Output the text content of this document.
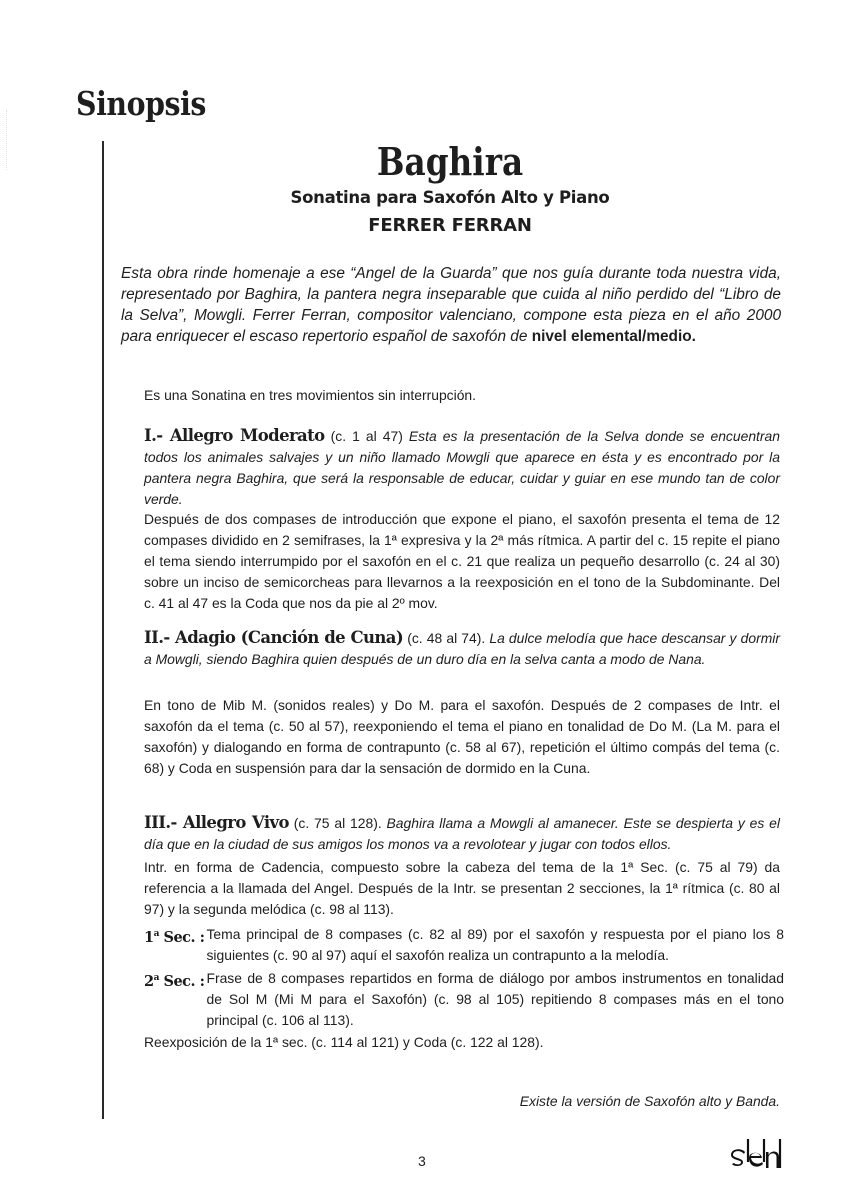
Sinopsis
Baghira
Sonatina para Saxofón Alto y Piano
FERRER FERRAN

Esta obra rinde homenaje a ese “Angel de la Guarda” que nos guía durante toda nuestra vida, representado por Baghira, la pantera negra inseparable que cuida al niño perdido del “Libro de la Selva”, Mowgli. Ferrer Ferran, compositor valenciano, compone esta pieza en el año 2000 para enriquecer el escaso repertorio español de saxofón de nivel elemental/medio.

Es una Sonatina en tres movimientos sin interrupción.

I.- Allegro Moderato (c. 1 al 47) Esta es la presentación de la Selva donde se encuentran todos los animales salvajes y un niño llamado Mowgli que aparece en ésta y es encontrado por la pantera negra Baghira, que será la responsable de educar, cuidar y guiar en ese mundo tan de color verde.

Después de dos compases de introducción que expone el piano, el saxofón presenta el tema de 12 compases dividido en 2 semifrases, la 1ª expresiva y la 2ª más rítmica. A partir del c. 15 repite el piano el tema siendo interrumpido por el saxofón en el c. 21 que realiza un pequeño desarrollo (c. 24 al 30) sobre un inciso de semicorcheas para llevarnos a la reexposición en el tono de la Subdominante. Del c. 41 al 47 es la Coda que nos da pie al 2º mov.

II.- Adagio (Canción de Cuna) (c. 48 al 74). La dulce melodía que hace descansar y dormir a Mowgli, siendo Baghira quien después de un duro día en la selva canta a modo de Nana.

En tono de Mib M. (sonidos reales) y Do M. para el saxofón. Después de 2 compases de Intr. el saxofón da el tema (c. 50 al 57), reexponiendo el tema el piano en tonalidad de Do M. (La M. para el saxofón) y dialogando en forma de contrapunto (c. 58 al 67), repetición el último compás del tema (c. 68) y Coda en suspensión para dar la sensación de dormido en la Cuna.

III.- Allegro Vivo (c. 75 al 128). Baghira llama a Mowgli al amanecer. Este se despierta y es el día que en la ciudad de sus amigos los monos va a revolotear y jugar con todos ellos.

Intr. en forma de Cadencia, compuesto sobre la cabeza del tema de la 1ª Sec. (c. 75 al 79) da referencia a la llamada del Angel. Después de la Intr. se presentan 2 secciones, la 1ª rítmica (c. 80 al 97) y la segunda melódica (c. 98 al 113).

1$^a$ Sec. : Tema principal de 8 compases (c. 82 al 89) por el saxofón y respuesta por el piano los 8 siguientes (c. 90 al 97) aquí el saxofón realiza un contrapunto a la melodía.
2$^a$ Sec. : Frase de 8 compases repartidos en forma de diálogo por ambos instrumentos en tonalidad de Sol M (Mi M para el Saxofón) (c. 98 al 105) repitiendo 8 compases más en el tono principal (c. 106 al 113).

Reexposición de la 1ª sec. (c. 114 al 121) y Coda (c. 122 al 128).

Existe la versión de Saxofón alto y Banda.

3
